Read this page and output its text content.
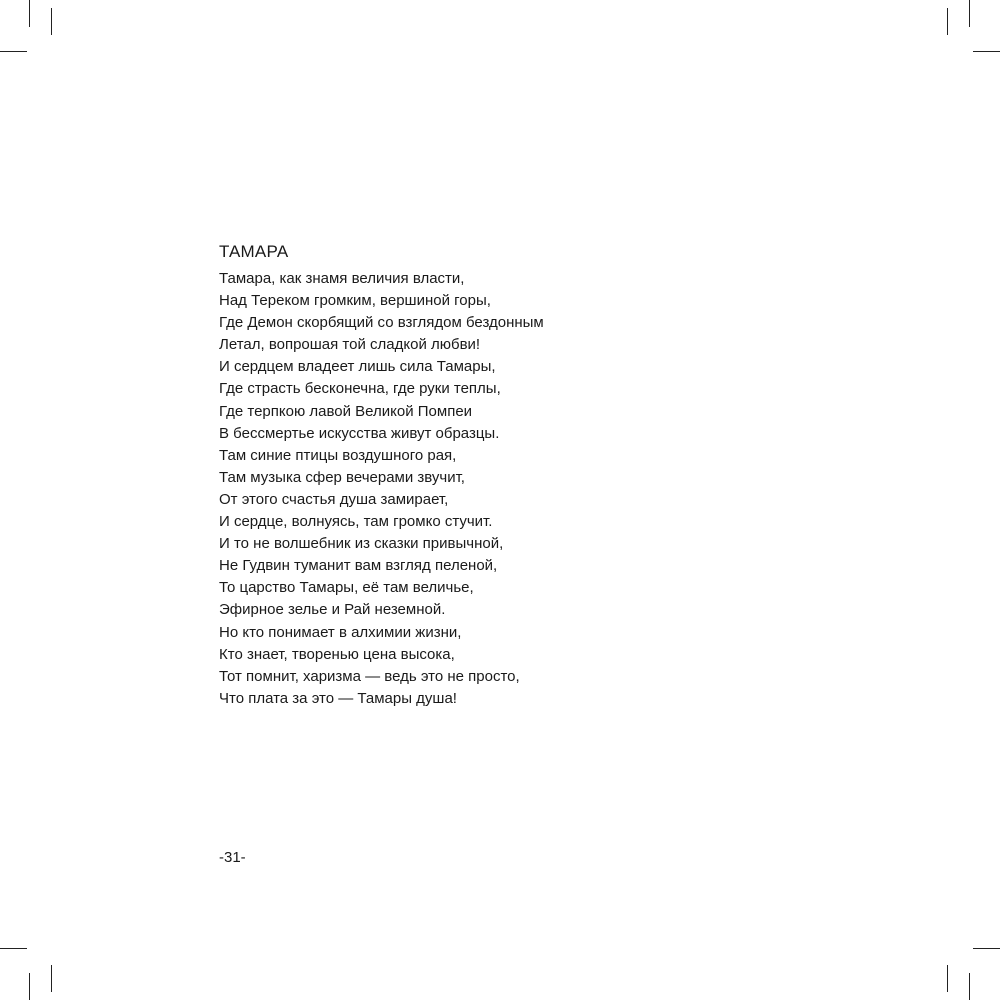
ТАМАРА
Тамара, как знамя величия власти,
Над Тереком громким, вершиной горы,
Где Демон скорбящий со взглядом бездонным
Летал, вопрошая той сладкой любви!
И сердцем владеет лишь сила Тамары,
Где страсть бесконечна, где руки теплы,
Где терпкою лавой Великой Помпеи
В бессмертье искусства живут образцы.
Там синие птицы воздушного рая,
Там музыка сфер вечерами звучит,
От этого счастья душа замирает,
И сердце, волнуясь, там громко стучит.
И то не волшебник из сказки привычной,
Не Гудвин туманит вам взгляд пеленой,
То царство Тамары, её там величье,
Эфирное зелье и Рай неземной.
Но кто понимает в алхимии жизни,
Кто знает, творенью цена высока,
Тот помнит, харизма — ведь это не просто,
Что плата за это — Тамары душа!
-31-
